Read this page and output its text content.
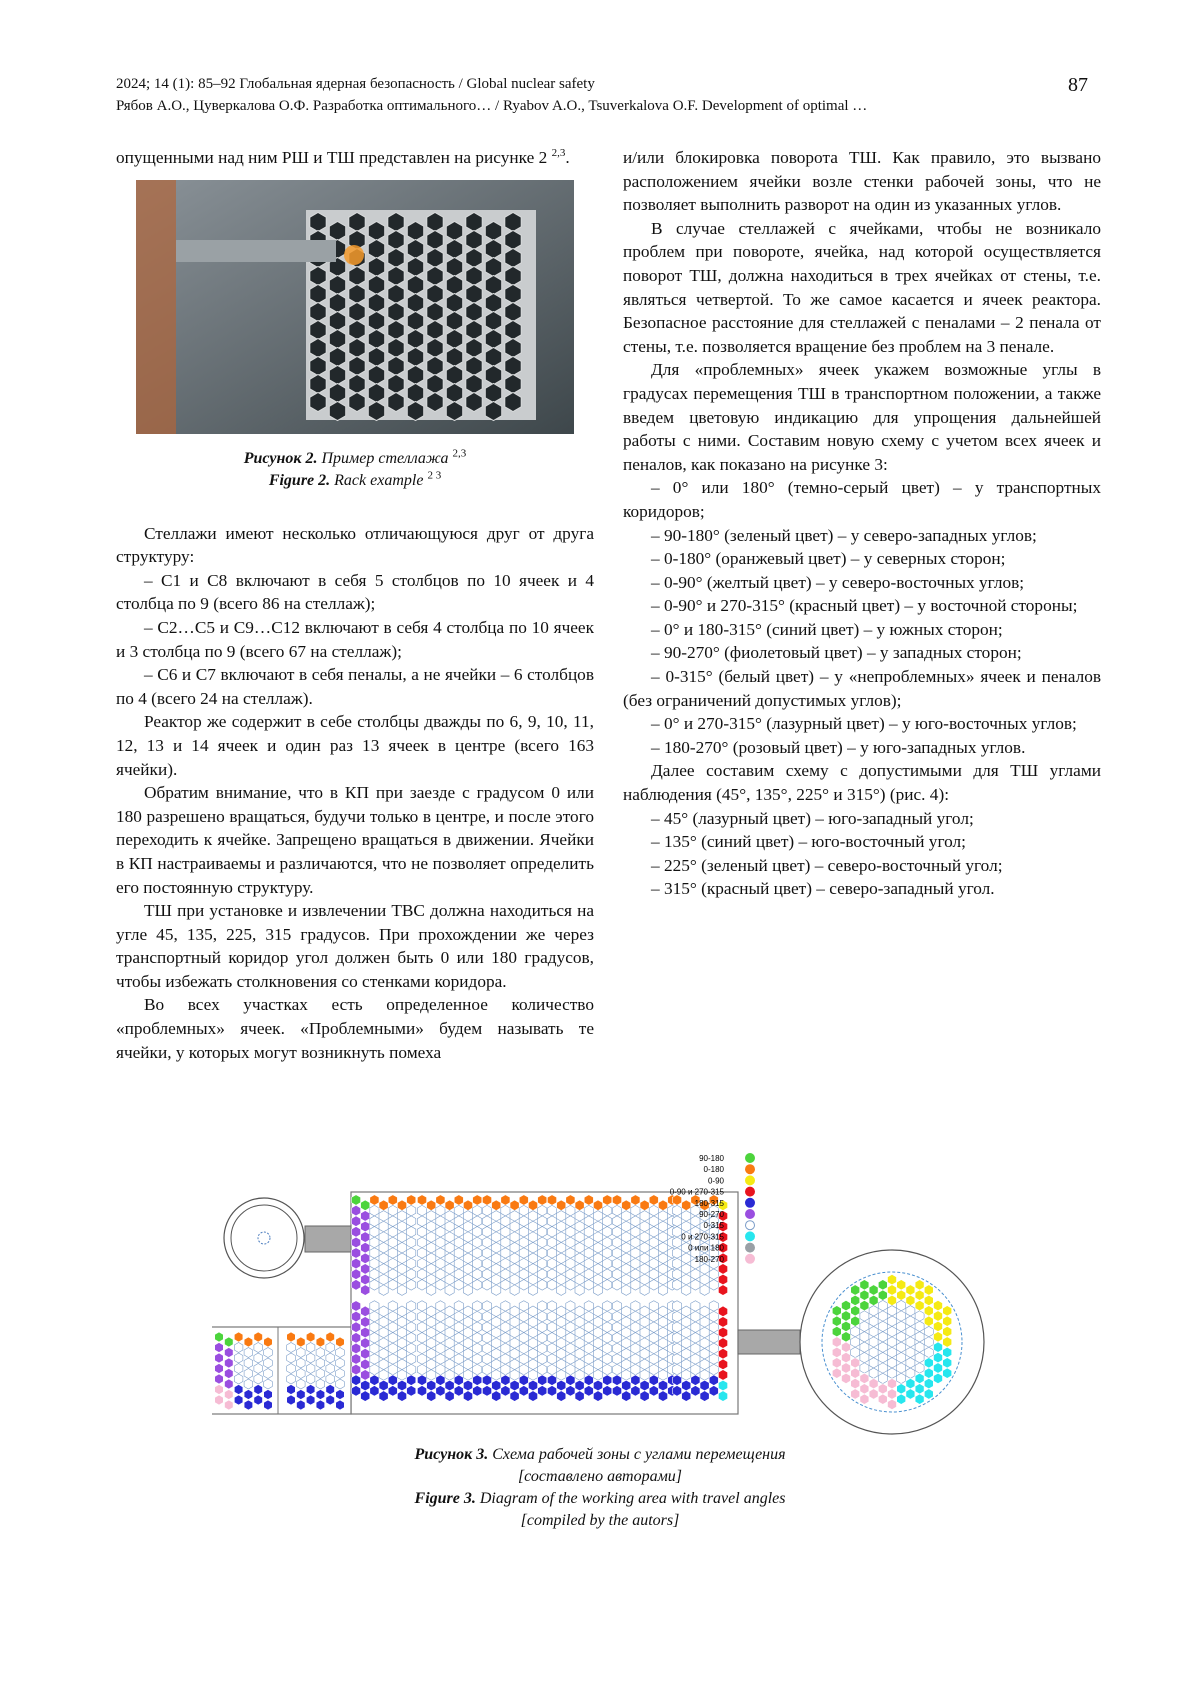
2024; 14 (1): 85–92 Глобальная ядерная безопасность / Global nuclear safety
Рябов А.О., Цуверкалова О.Ф. Разработка оптимального… / Ryabov A.O., Tsuverkalova O.F. Development of optimal …
87

опущенными над ним РШ и ТШ представлен на рисунке 2 $^{2,3}$.

Рисунок 2. Пример стеллажа $^{2,3}$
Figure 2. Rack example $^{2 3}$

Стеллажи имеют несколько отличающуюся друг от друга структуру:

– С1 и С8 включают в себя 5 столбцов по 10 ячеек и 4 столбца по 9 (всего 86 на стеллаж);

– С2…С5 и С9…С12 включают в себя 4 столбца по 10 ячеек и 3 столбца по 9 (всего 67 на стеллаж);

– С6 и С7 включают в себя пеналы, а не ячейки – 6 столбцов по 4 (всего 24 на стеллаж).

Реактор же содержит в себе столбцы дважды по 6, 9, 10, 11, 12, 13 и 14 ячеек и один раз 13 ячеек в центре (всего 163 ячейки).

Обратим внимание, что в КП при заезде с градусом 0 или 180 разрешено вращаться, будучи только в центре, и после этого переходить к ячейке. Запрещено вращаться в движении. Ячейки в КП настраиваемы и различаются, что не позволяет определить его постоянную структуру.

ТШ при установке и извлечении ТВС должна находиться на угле 45, 135, 225, 315 градусов. При прохождении же через транспортный коридор угол должен быть 0 или 180 градусов, чтобы избежать столкновения со стенками коридора.

Во всех участках есть определенное количество «проблемных» ячеек. «Проблемными» будем называть те ячейки, у которых могут возникнуть помеха

и/или блокировка поворота ТШ. Как правило, это вызвано расположением ячейки возле стенки рабочей зоны, что не позволяет выполнить разворот на один из указанных углов.

В случае стеллажей с ячейками, чтобы не возникало проблем при повороте, ячейка, над которой осуществляется поворот ТШ, должна находиться в трех ячейках от стены, т.е. являться четвертой. То же самое касается и ячеек реактора. Безопасное расстояние для стеллажей с пеналами – 2 пенала от стены, т.е. позволяется вращение без проблем на 3 пенале.

Для «проблемных» ячеек укажем возможные углы в градусах перемещения ТШ в транспортном положении, а также введем цветовую индикацию для упрощения дальнейшей работы с ними. Составим новую схему с учетом всех ячеек и пеналов, как показано на рисунке 3:

– 0° или 180° (темно-серый цвет) – у транспортных коридоров;

– 90-180° (зеленый цвет) – у северо-западных углов;

– 0-180° (оранжевый цвет) – у северных сторон;

– 0-90° (желтый цвет) – у северо-восточных углов;

– 0-90° и 270-315° (красный цвет) – у восточной стороны;

– 0° и 180-315° (синий цвет) – у южных сторон;

– 90-270° (фиолетовый цвет) – у западных сторон;

– 0-315° (белый цвет) – у «непроблемных» ячеек и пеналов (без ограничений допустимых углов);

– 0° и 270-315° (лазурный цвет) – у юго-восточных углов;

– 180-270° (розовый цвет) – у юго-западных углов.

Далее составим схему с допустимыми для ТШ углами наблюдения (45°, 135°, 225° и 315°) (рис. 4):

– 45° (лазурный цвет) – юго-западный угол;

– 135° (синий цвет) – юго-восточный угол;

– 225° (зеленый цвет) – северо-восточный угол;

– 315° (красный цвет) – северо-западный угол.

90-180
0-180
0-90
0-90 и 270-315
180-315
90-270
0-315
0 и 270-315
0 или 180
180-270
Рисунок 3. Схема рабочей зоны с углами перемещения
[составлено авторами]
Figure 3. Diagram of the working area with travel angles
[compiled by the autors]
